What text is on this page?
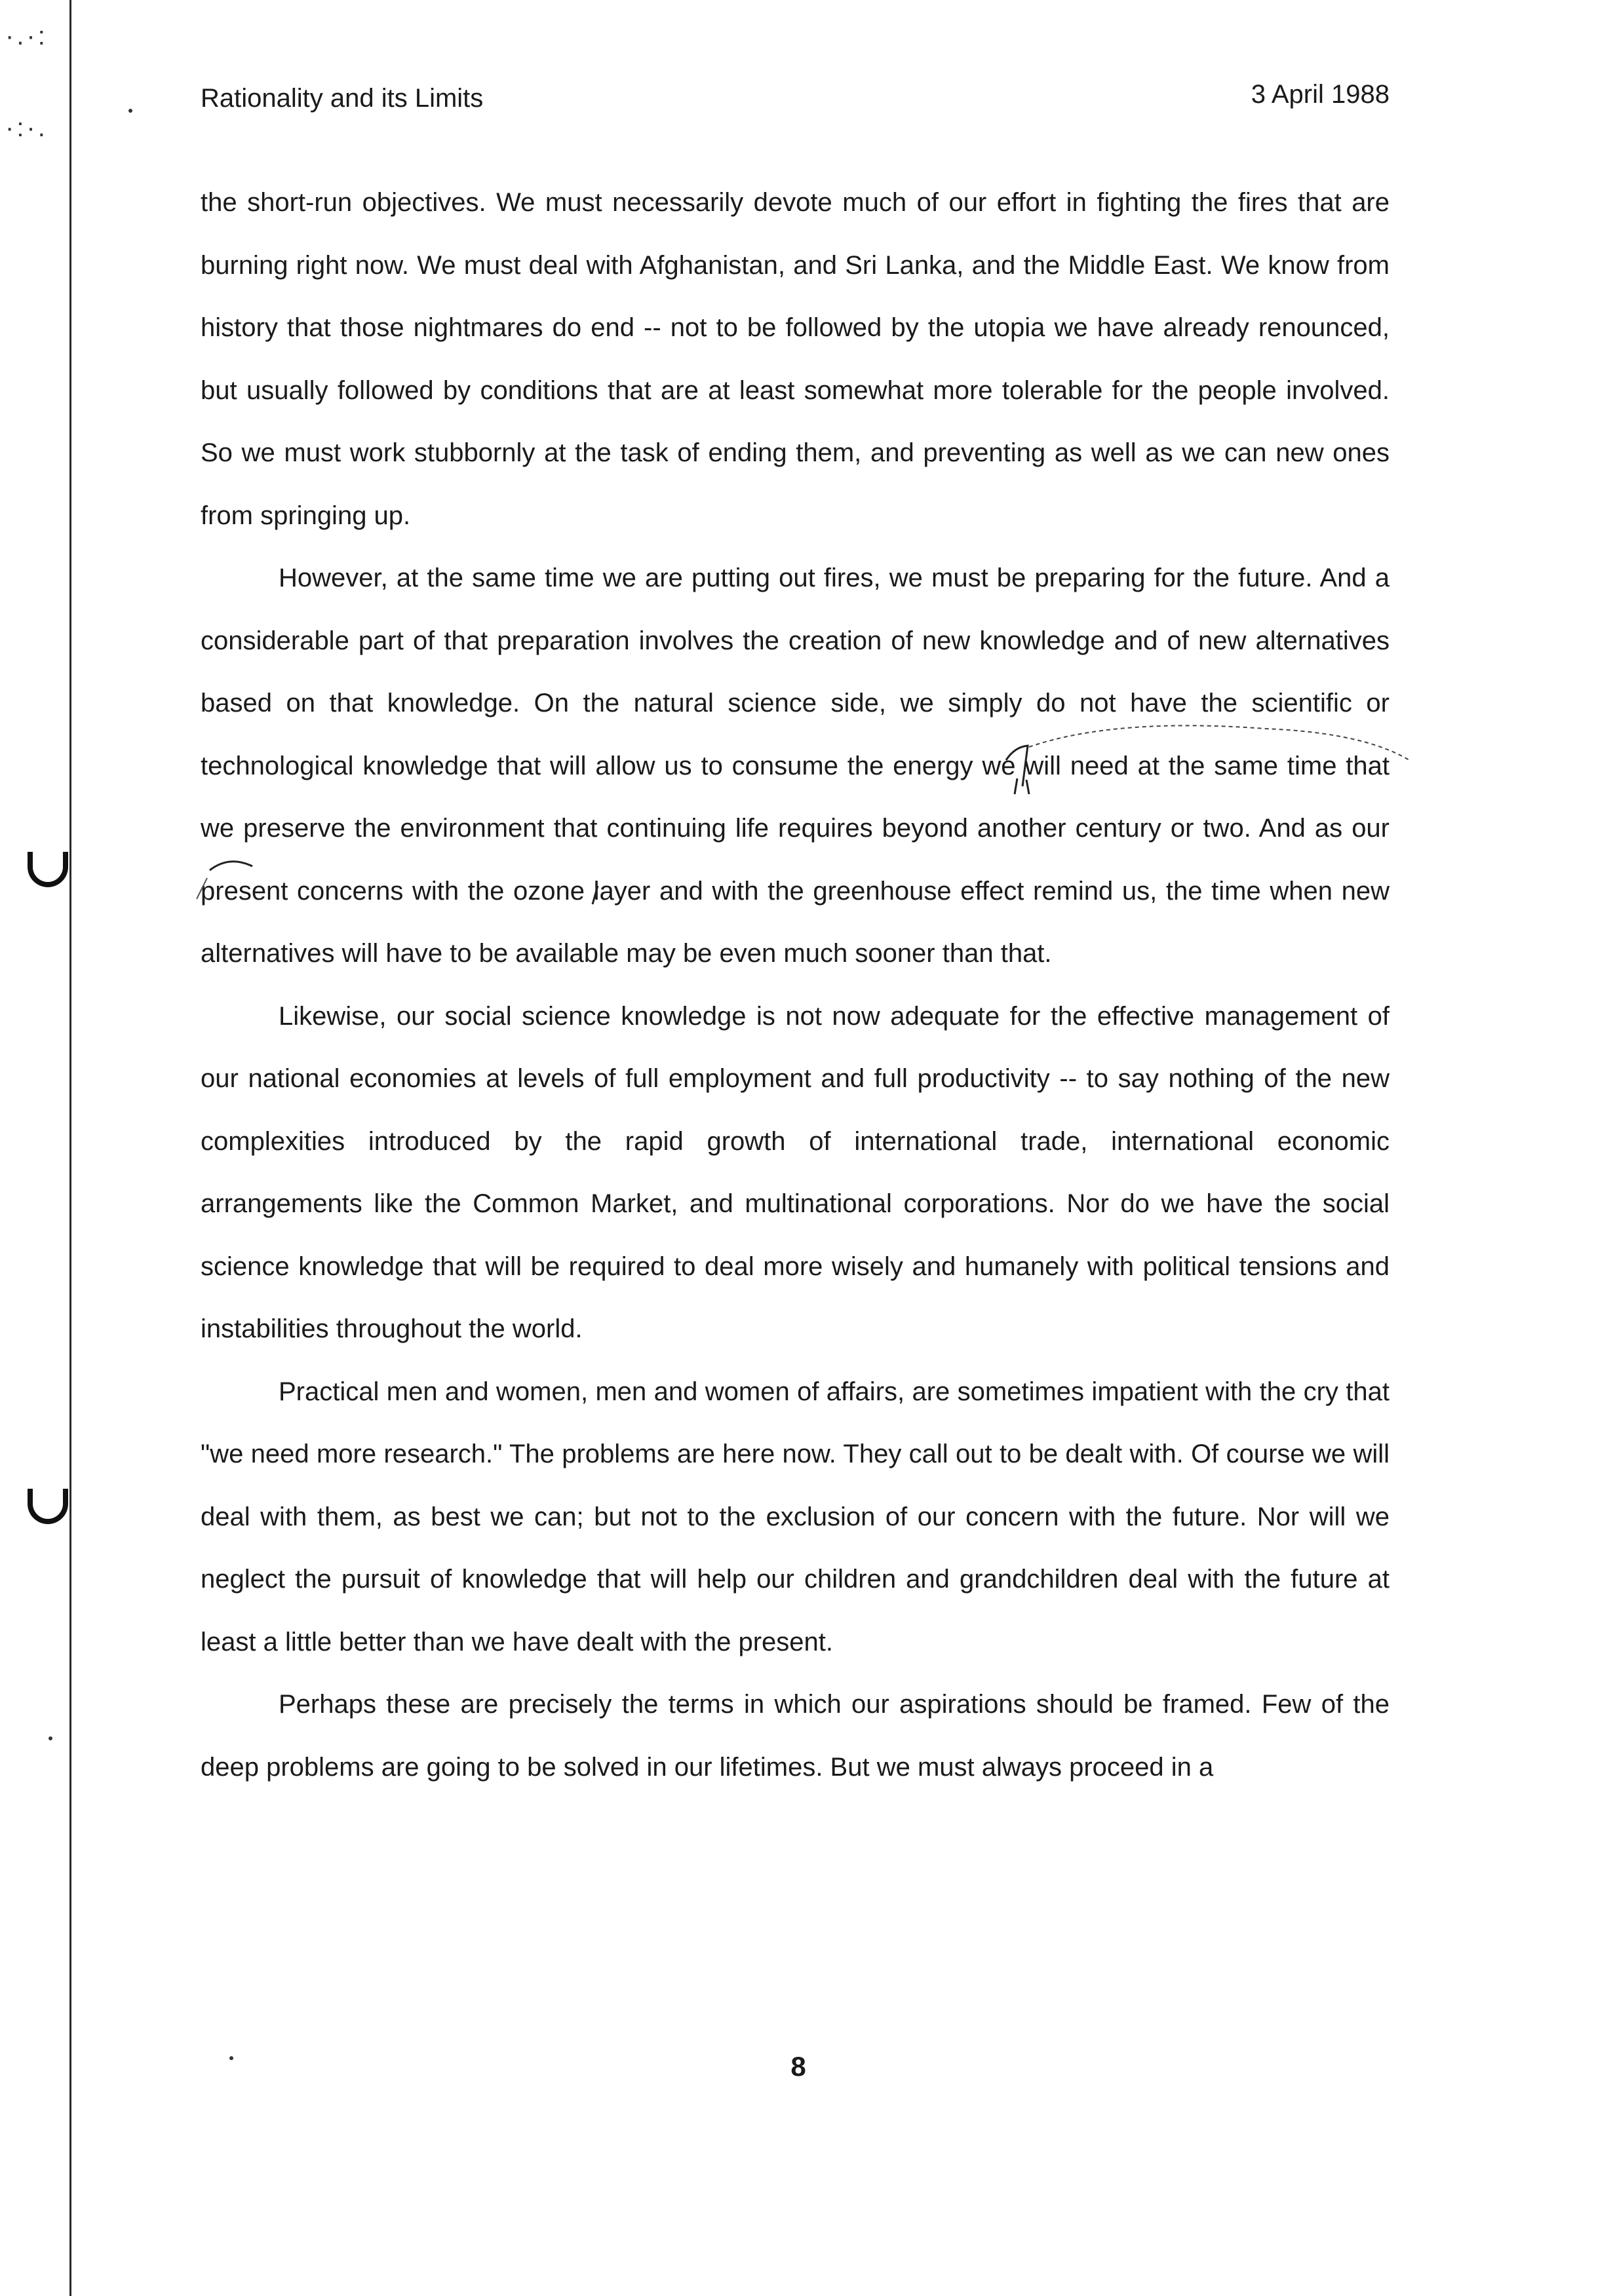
·.·:
·:·.
Rationality and its Limits	3 April 1988

the short-run objectives. We must necessarily devote much of our effort in fighting the fires that are burning right now. We must deal with Afghanistan, and Sri Lanka, and the Middle East. We know from history that those nightmares do end -- not to be followed by the utopia we have already renounced, but usually followed by conditions that are at least somewhat more tolerable for the people involved. So we must work stubbornly at the task of ending them, and preventing as well as we can new ones from springing up.

However, at the same time we are putting out fires, we must be preparing for the future. And a considerable part of that preparation involves the creation of new knowledge and of new alternatives based on that knowledge. On the natural science side, we simply do not have the scientific or technological knowledge that will allow us to consume the energy we will need at the same time that we preserve the environment that continuing life requires beyond another century or two. And as our present concerns with the ozone layer and with the greenhouse effect remind us, the time when new alternatives will have to be available may be even much sooner than that.

Likewise, our social science knowledge is not now adequate for the effective management of our national economies at levels of full employment and full productivity -- to say nothing of the new complexities introduced by the rapid growth of international trade, international economic arrangements like the Common Market, and multinational corporations. Nor do we have the social science knowledge that will be required to deal more wisely and humanely with political tensions and instabilities throughout the world.

Practical men and women, men and women of affairs, are sometimes impatient with the cry that "we need more research." The problems are here now. They call out to be dealt with. Of course we will deal with them, as best we can; but not to the exclusion of our concern with the future. Nor will we neglect the pursuit of knowledge that will help our children and grandchildren deal with the future at least a little better than we have dealt with the present.

Perhaps these are precisely the terms in which our aspirations should be framed. Few of the deep problems are going to be solved in our lifetimes. But we must always proceed in a

8
